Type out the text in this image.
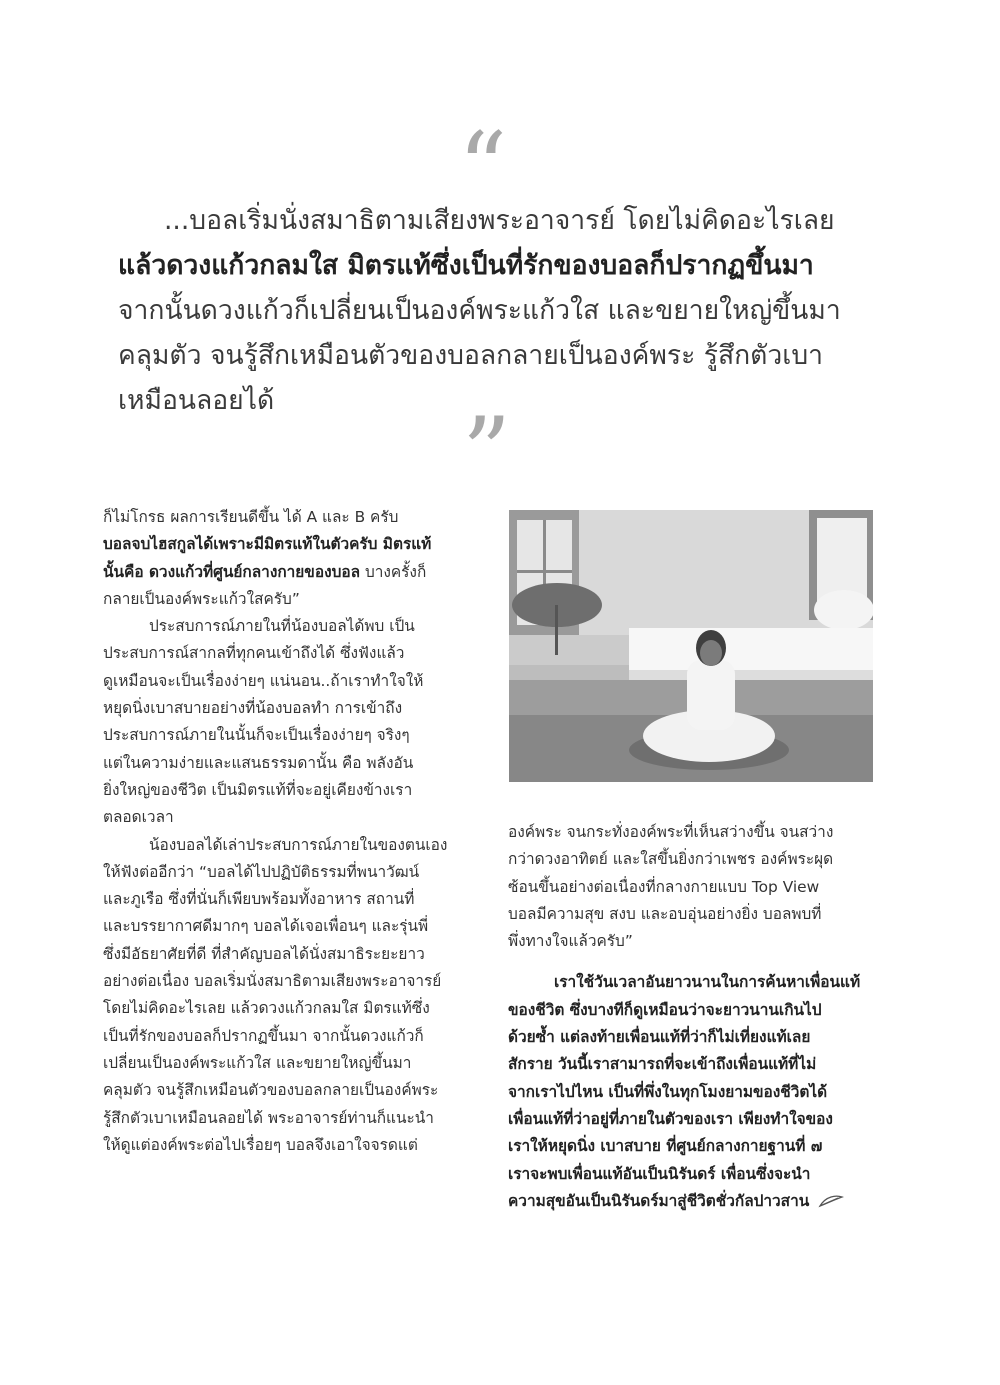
“
...บอลเริ่มนั่งสมาธิตามเสียงพระอาจารย์ โดยไม่คิดอะไรเลย
แล้วดวงแก้วกลมใส มิตรแท้ซึ่งเป็นที่รักของบอลก็ปรากฏขึ้นมา
จากนั้นดวงแก้วก็เปลี่ยนเป็นองค์พระแก้วใส และขยายใหญ่ขึ้นมา
คลุมตัว จนรู้สึกเหมือนตัวของบอลกลายเป็นองค์พระ รู้สึกตัวเบา
เหมือนลอยได้	”
ก็ไม่โกรธ ผลการเรียนดีขึ้น ได้ A และ B ครับ
บอลจบไฮสกูลได้เพราะมีมิตรแท้ในตัวครับ มิตรแท้
นั้นคือ ดวงแก้วที่ศูนย์กลางกายของบอล บางครั้งก็
กลายเป็นองค์พระแก้วใสครับ”
ประสบการณ์ภายในที่น้องบอลได้พบ เป็น
ประสบการณ์สากลที่ทุกคนเข้าถึงได้ ซึ่งฟังแล้ว
ดูเหมือนจะเป็นเรื่องง่ายๆ แน่นอน..ถ้าเราทำใจให้
หยุดนิ่งเบาสบายอย่างที่น้องบอลทำ การเข้าถึง
ประสบการณ์ภายในนั้นก็จะเป็นเรื่องง่ายๆ จริงๆ
แต่ในความง่ายและแสนธรรมดานั้น คือ พลังอัน
ยิ่งใหญ่ของชีวิต เป็นมิตรแท้ที่จะอยู่เคียงข้างเรา
ตลอดเวลา
น้องบอลได้เล่าประสบการณ์ภายในของตนเอง
ให้ฟังต่ออีกว่า “บอลได้ไปปฏิบัติธรรมที่พนาวัฒน์
และภูเรือ ซึ่งที่นั่นก็เพียบพร้อมทั้งอาหาร สถานที่
และบรรยากาศดีมากๆ บอลได้เจอเพื่อนๆ และรุ่นพี่
ซึ่งมีอัธยาศัยที่ดี ที่สำคัญบอลได้นั่งสมาธิระยะยาว
อย่างต่อเนื่อง บอลเริ่มนั่งสมาธิตามเสียงพระอาจารย์
โดยไม่คิดอะไรเลย แล้วดวงแก้วกลมใส มิตรแท้ซึ่ง
เป็นที่รักของบอลก็ปรากฏขึ้นมา จากนั้นดวงแก้วก็
เปลี่ยนเป็นองค์พระแก้วใส และขยายใหญ่ขึ้นมา
คลุมตัว จนรู้สึกเหมือนตัวของบอลกลายเป็นองค์พระ
รู้สึกตัวเบาเหมือนลอยได้ พระอาจารย์ท่านก็แนะนำ
ให้ดูแต่องค์พระต่อไปเรื่อยๆ บอลจึงเอาใจจรดแต่
องค์พระ จนกระทั่งองค์พระที่เห็นสว่างขึ้น จนสว่าง
กว่าดวงอาทิตย์ และใสขึ้นยิ่งกว่าเพชร องค์พระผุด
ซ้อนขึ้นอย่างต่อเนื่องที่กลางกายแบบ Top View
บอลมีความสุข สงบ และอบอุ่นอย่างยิ่ง บอลพบที่
พึ่งทางใจแล้วครับ”
เราใช้วันเวลาอันยาวนานในการค้นหาเพื่อนแท้
ของชีวิต ซึ่งบางทีก็ดูเหมือนว่าจะยาวนานเกินไป
ด้วยซ้ำ แต่ลงท้ายเพื่อนแท้ที่ว่าก็ไม่เที่ยงแท้เลย
สักราย วันนี้เราสามารถที่จะเข้าถึงเพื่อนแท้ที่ไม่
จากเราไปไหน เป็นที่พึ่งในทุกโมงยามของชีวิตได้
เพื่อนแท้ที่ว่าอยู่ที่ภายในตัวของเรา เพียงทำใจของ
เราให้หยุดนิ่ง เบาสบาย ที่ศูนย์กลางกายฐานที่ ๗
เราจะพบเพื่อนแท้อันเป็นนิรันดร์ เพื่อนซึ่งจะนำ
ความสุขอันเป็นนิรันดร์มาสู่ชีวิตชั่วกัลปาวสาน
